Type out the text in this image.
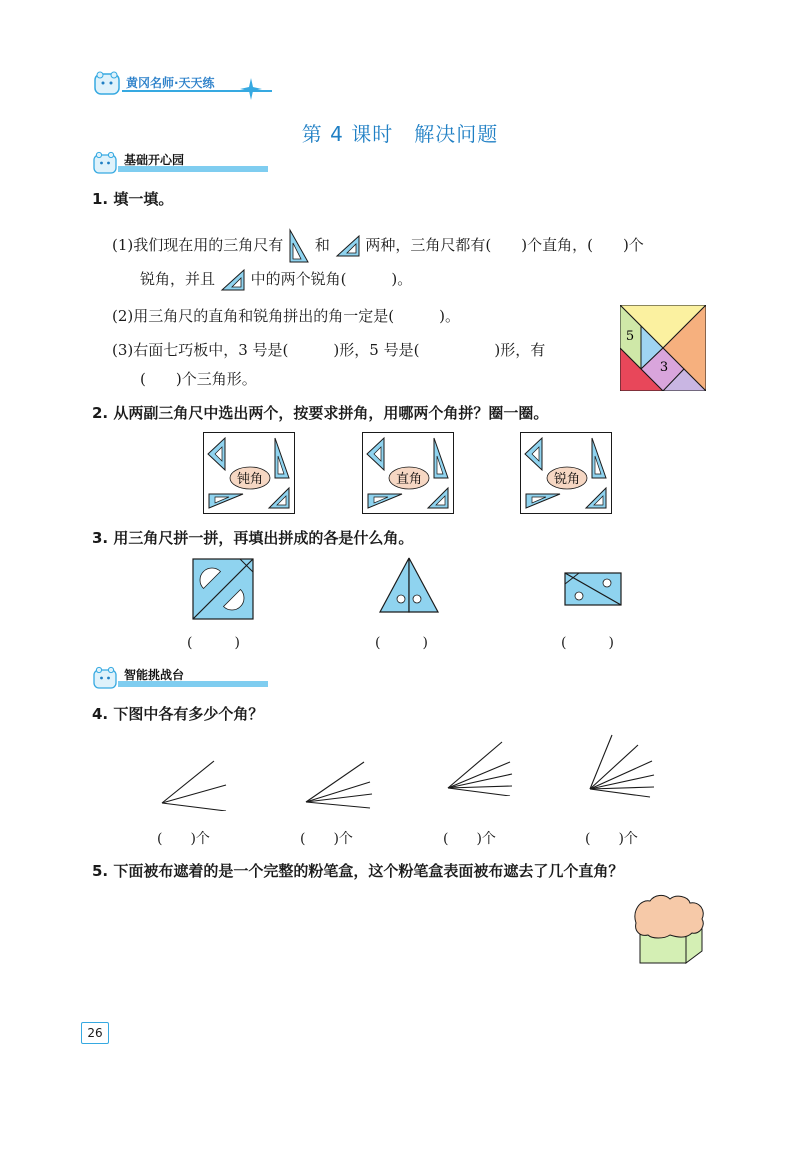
黄冈名师·天天练
第 4 课时　解决问题
基础开心园
1. 填一填。
(1)我们现在用的三角尺有 和 两种，三角尺都有(　　)个直角，(　　)个
锐角，并且 中的两个锐角(　　　)。
(2)用三角尺的直角和锐角拼出的角一定是(　　　)。
(3)右面七巧板中，3 号是(　　　)形，5 号是(　　　　　)形，有
(　　)个三角形。
5
3
2. 从两副三角尺中选出两个，按要求拼角，用哪两个角拼？圈一圈。
钝角	直角	锐角
3. 用三角尺拼一拼，再填出拼成的各是什么角。
(　　　)	(　　　)	(　　　)
智能挑战台
4. 下图中各有多少个角？
(　　)个	(　　)个	(　　)个	(　　)个
5. 下面被布遮着的是一个完整的粉笔盒，这个粉笔盒表面被布遮去了几个直角？
26
